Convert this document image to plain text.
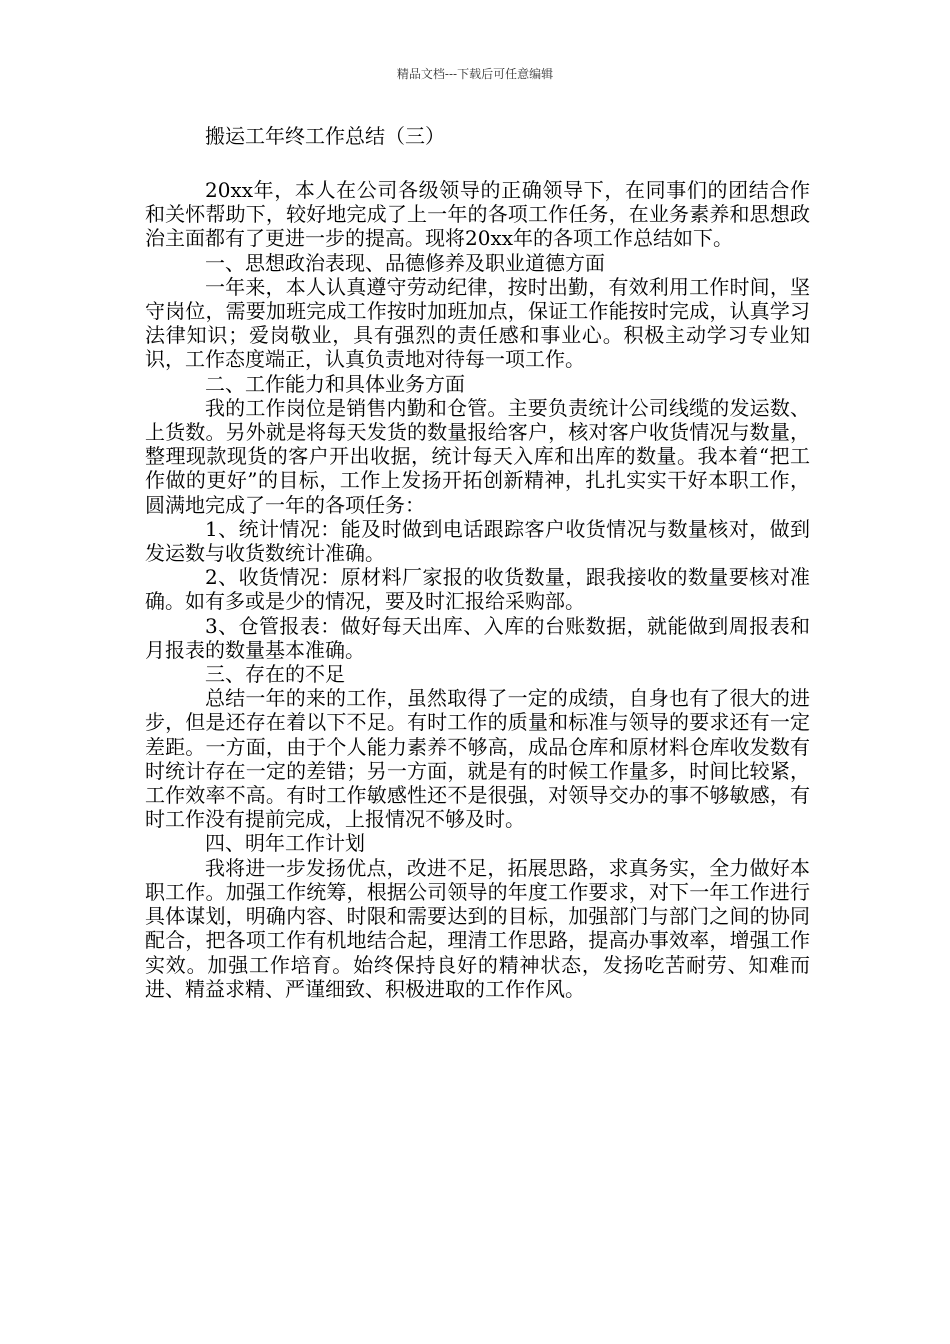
精品文档---下载后可任意编辑
搬运工年终工作总结（三）

20xx年，本人在公司各级领导的正确领导下，在同事们的团结合作和关怀帮助下，较好地完成了上一年的各项工作任务，在业务素养和思想政治主面都有了更进一步的提高。现将20xx年的各项工作总结如下。

一、思想政治表现、品德修养及职业道德方面

一年来，本人认真遵守劳动纪律，按时出勤，有效利用工作时间，坚守岗位，需要加班完成工作按时加班加点，保证工作能按时完成，认真学习法律知识；爱岗敬业，具有强烈的责任感和事业心。积极主动学习专业知识，工作态度端正，认真负责地对待每一项工作。

二、工作能力和具体业务方面

我的工作岗位是销售内勤和仓管。主要负责统计公司线缆的发运数、上货数。另外就是将每天发货的数量报给客户，核对客户收货情况与数量，整理现款现货的客户开出收据，统计每天入库和出库的数量。我本着“把工作做的更好”的目标，工作上发扬开拓创新精神，扎扎实实干好本职工作，圆满地完成了一年的各项任务：

1、统计情况：能及时做到电话跟踪客户收货情况与数量核对，做到发运数与收货数统计准确。

2、收货情况：原材料厂家报的收货数量，跟我接收的数量要核对准确。如有多或是少的情况，要及时汇报给采购部。

3、仓管报表：做好每天出库、入库的台账数据，就能做到周报表和月报表的数量基本准确。

三、存在的不足

总结一年的来的工作，虽然取得了一定的成绩，自身也有了很大的进步，但是还存在着以下不足。有时工作的质量和标准与领导的要求还有一定差距。一方面，由于个人能力素养不够高，成品仓库和原材料仓库收发数有时统计存在一定的差错；另一方面，就是有的时候工作量多，时间比较紧，工作效率不高。有时工作敏感性还不是很强，对领导交办的事不够敏感，有时工作没有提前完成，上报情况不够及时。

四、明年工作计划

我将进一步发扬优点，改进不足，拓展思路，求真务实，全力做好本职工作。加强工作统筹，根据公司领导的年度工作要求，对下一年工作进行具体谋划，明确内容、时限和需要达到的目标，加强部门与部门之间的协同配合，把各项工作有机地结合起，理清工作思路，提高办事效率，增强工作实效。加强工作培育。始终保持良好的精神状态，发扬吃苦耐劳、知难而进、精益求精、严谨细致、积极进取的工作作风。
